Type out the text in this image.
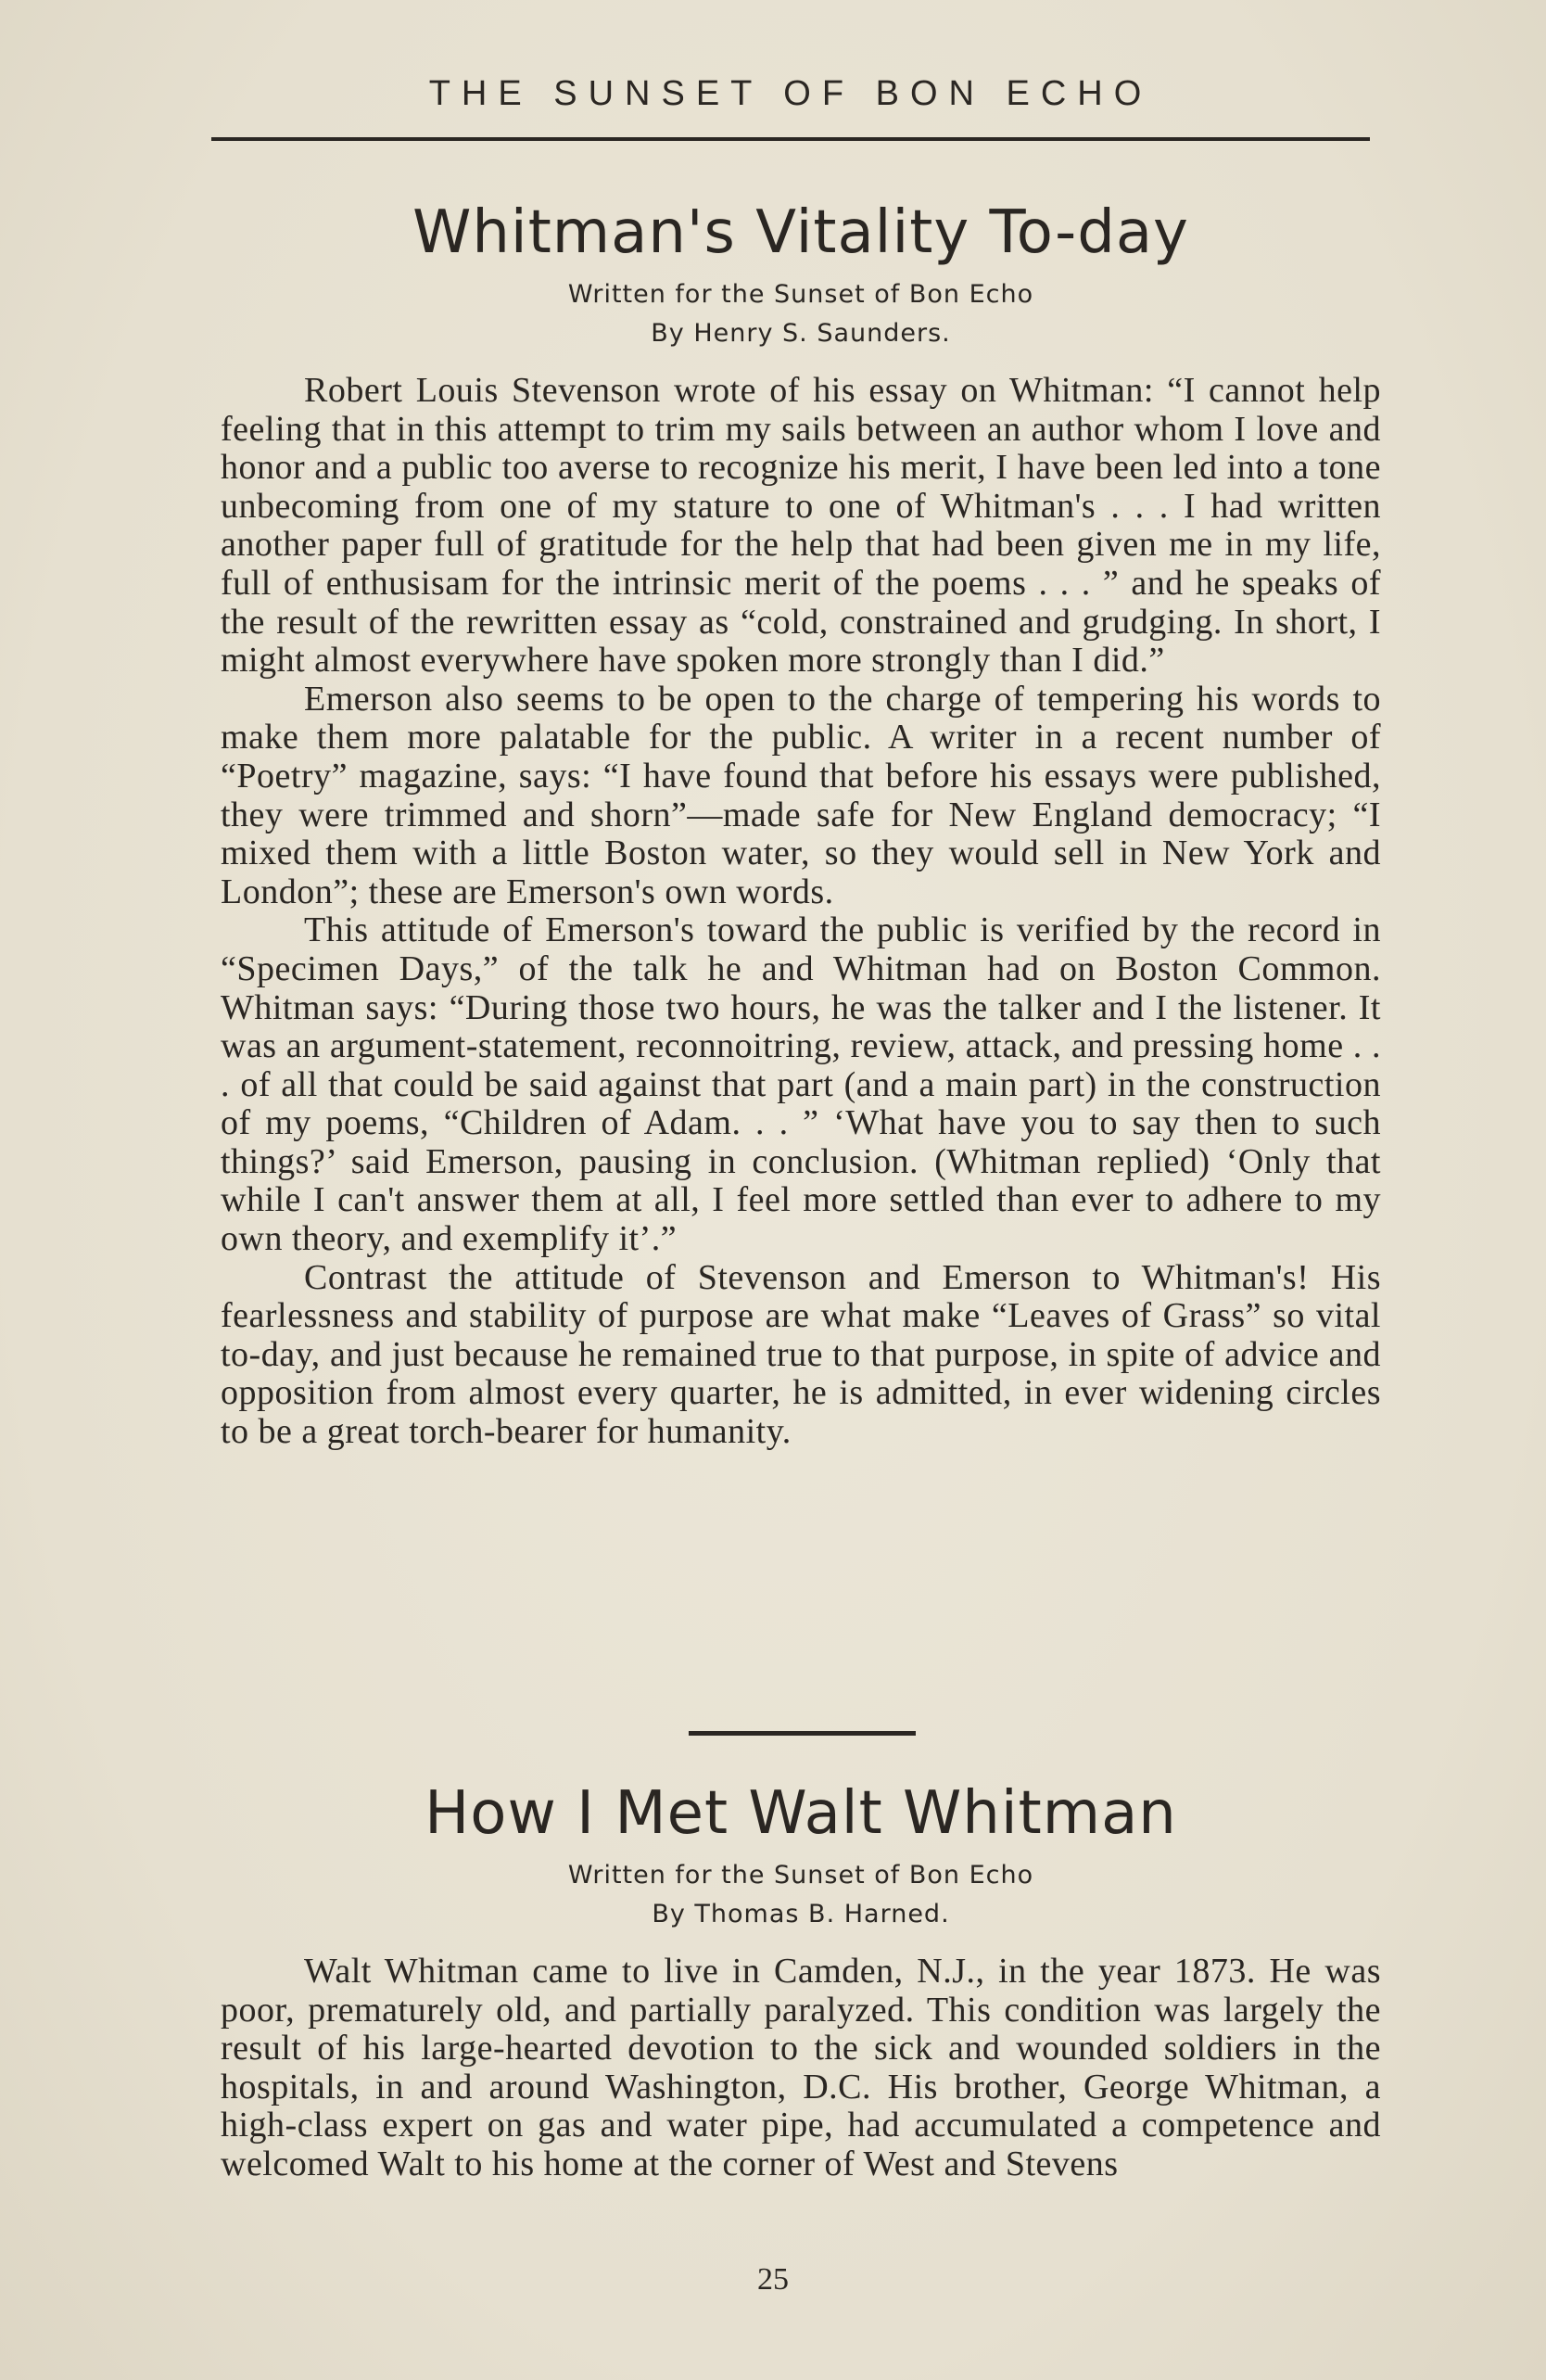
THE SUNSET OF BON ECHO
Whitman's Vitality To-day

Written for the Sunset of Bon Echo

By Henry S. Saunders.

Robert Louis Stevenson wrote of his essay on Whitman: “I cannot help feeling that in this attempt to trim my sails between an author whom I love and honor and a public too averse to recognize his merit, I have been led into a tone unbecoming from one of my stature to one of Whitman's . . . I had written another paper full of gratitude for the help that had been given me in my life, full of enthusisam for the intrinsic merit of the poems . . . ” and he speaks of the result of the rewritten essay as “cold, constrained and grudging. In short, I might almost everywhere have spoken more strongly than I did.”

Emerson also seems to be open to the charge of tempering his words to make them more palatable for the public. A writer in a recent number of “Poetry” magazine, says: “I have found that before his essays were published, they were trimmed and shorn”—made safe for New England democracy; “I mixed them with a little Boston water, so they would sell in New York and London”; these are Emerson's own words.

This attitude of Emerson's toward the public is verified by the record in “Specimen Days,” of the talk he and Whitman had on Boston Common. Whitman says: “During those two hours, he was the talker and I the listener. It was an argument-statement, reconnoitring, review, attack, and pressing home . . . of all that could be said against that part (and a main part) in the construction of my poems, “Children of Adam. . . ” ‘What have you to say then to such things?’ said Emerson, pausing in conclusion. (Whitman replied) ‘Only that while I can't answer them at all, I feel more settled than ever to adhere to my own theory, and exemplify it’.”

Contrast the attitude of Stevenson and Emerson to Whitman's! His fearlessness and stability of purpose are what make “Leaves of Grass” so vital to-day, and just because he remained true to that purpose, in spite of advice and opposition from almost every quarter, he is admitted, in ever widening circles to be a great torch-bearer for humanity.

How I Met Walt Whitman

Written for the Sunset of Bon Echo

By Thomas B. Harned.

Walt Whitman came to live in Camden, N.J., in the year 1873. He was poor, prematurely old, and partially paralyzed. This condition was largely the result of his large-hearted devotion to the sick and wounded soldiers in the hospitals, in and around Washington, D.C. His brother, George Whitman, a high-class expert on gas and water pipe, had accumulated a competence and welcomed Walt to his home at the corner of West and Stevens

25
